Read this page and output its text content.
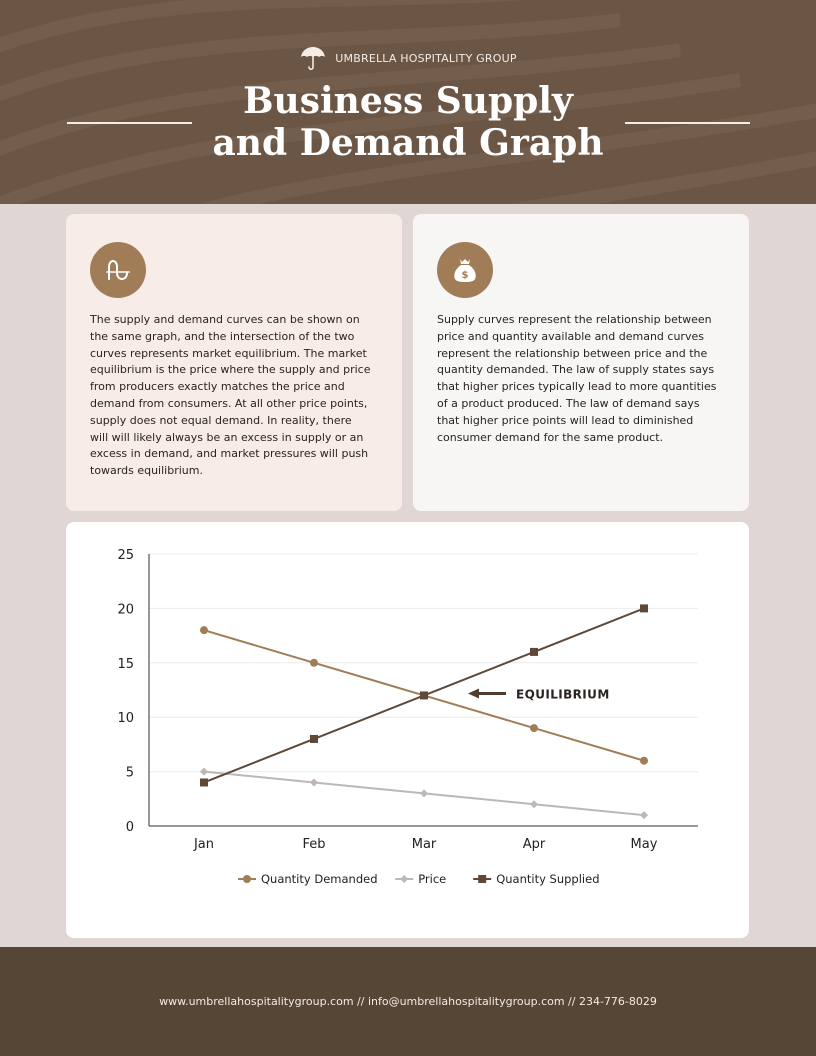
UMBRELLA HOSPITALITY GROUP
Business Supply
and Demand Graph

The supply and demand curves can be shown on the same graph, and the intersection of the two curves represents market equilibrium. The market equilibrium is the price where the supply and price from producers exactly matches the price and demand from consumers. At all other price points, supply does not equal demand. In reality, there will will likely always be an excess in supply or an excess in demand, and market pressures will push towards equilibrium.

$

Supply curves represent the relationship between price and quantity available and demand curves represent the relationship between price and the quantity demanded. The law of supply states says that higher prices typically lead to more quantities of a product produced. The law of demand says that higher price points will lead to diminished consumer demand for the same product.

0
5
10
15
20
25
Jan	Feb	Mar	Apr	May
EQUILIBRIUM
Quantity Demanded	Price	Quantity Supplied
www.umbrellahospitalitygroup.com // info@umbrellahospitalitygroup.com // 234-776-8029
